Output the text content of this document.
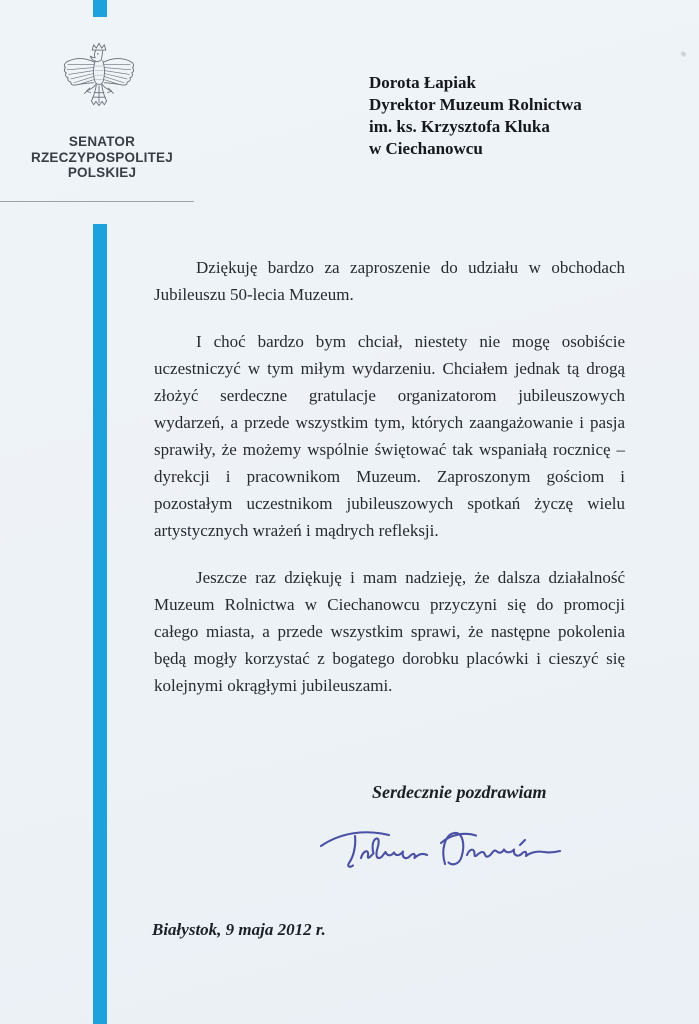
SENATOR
RZECZYPOSPOLITEJ POLSKIEJ
Dorota Łapiak
Dyrektor Muzeum Rolnictwa
im. ks. Krzysztofa Kluka
w Ciechanowcu

Dziękuję bardzo za zaproszenie do udziału w obchodach Jubileuszu 50-lecia Muzeum.

I choć bardzo bym chciał, niestety nie mogę osobiście uczestniczyć w tym miłym wydarzeniu. Chciałem jednak tą drogą złożyć serdeczne gratulacje organizatorom jubileuszowych wydarzeń, a przede wszystkim tym, których zaangażowanie i pasja sprawiły, że możemy wspólnie świętować tak wspaniałą rocznicę – dyrekcji i pracownikom Muzeum. Zaproszonym gościom i pozostałym uczestnikom jubileuszowych spotkań życzę wielu artystycznych wrażeń i mądrych refleksji.

Jeszcze raz dziękuję i mam nadzieję, że dalsza działalność Muzeum Rolnictwa w Ciechanowcu przyczyni się do promocji całego miasta, a przede wszystkim sprawi, że następne pokolenia będą mogły korzystać z bogatego dorobku placówki i cieszyć się kolejnymi okrągłymi jubileuszami.

Serdecznie pozdrawiam
Białystok, 9 maja 2012 r.
